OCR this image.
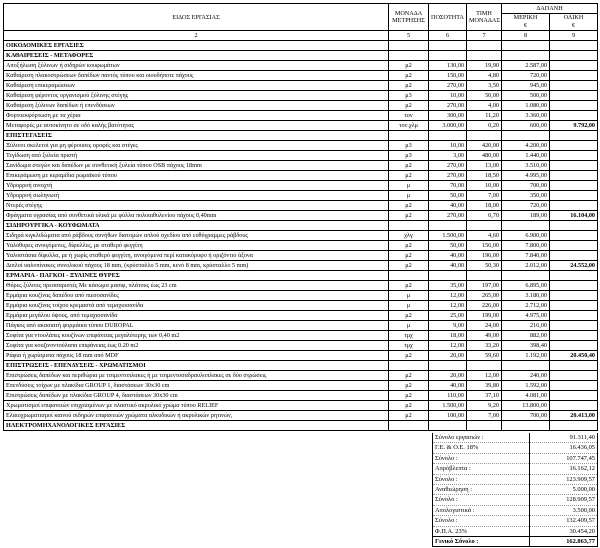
ΕΙΔΟΣ ΕΡΓΑΣΙΑΣ	ΜΟΝΑΔΑ ΜΕΤΡΗΣΗΣ	ΠΟΣΟΤΗΤΑ	ΤΙΜΗ ΜΟΝΑΔΑΣ	ΔΑΠΑΝΗ	
				ΜΕΡΙΚΗ
€	ΟΛΙΚΗ
€
2	5	6	7	8	9
ΟΙΚΟΔΟΜΙΚΕΣ ΕΡΓΑΣΙΕΣ					
ΚΑΘΑΙΡΕΣΕΙΣ - ΜΕΤΑΦΟΡΕΣ					
Αποξήλωση ξύλινων ή σιδηρών κουφωμάτων	μ2	130,00	19,90	2.587,00	
Καθαίρεση πλακοστρώσεων δαπέδων παντός τύπου και οιουδήποτε πάχους	μ2	150,00	4,80	720,00	
Καθαίρεση επικεραμώσεων	μ2	270,00	3,50	945,00	
Καθαίρεση φέροντος οργανισμού ξύλινης στέγης	μ3	10,00	50,00	500,00	
Καθαίρεση ξύλινων δαπέδων ή επενδύσεων	μ2	270,00	4,00	1.080,00	
Φορτοεκφόρτωση με τα χέρια	τον	300,00	11,20	3.360,00	
Μεταφορές με αυτοκίνητο σε οδό καλής βατότητας	τον.χλμ	3.000,00	0,20	600,00	9.792,00
ΕΠΙΣΤΕΓΑΣΕΙΣ					
Ξύλινοι σκελετοί για μη φέρουσες οροφές και στέγες	μ3	10,00	420,00	4.200,00	
Τεγίδωση από ξυλεία πριστή	μ3	3,00	480,00	1.440,00	
Σανίδωμα στεγών και δαπέδων με συνθετική ξυλεία τύπου OSB πάχους 18mm	μ2	270,00	13,00	3.510,00	
Επικεράμωση με κεραμίδια ρωμαϊκού τύπου	μ2	270,00	18,50	4.995,00	
Υδρορροή ανοιχτή	μ	70,00	10,00	700,00	
Υδρορροή σωληνωτή	μ	50,00	7,00	350,00	
Ντερές στέγης	μ2	40,00	18,00	720,00	
Φράγματα υγρασίας από συνθετικά υλικά με φύλλα πολυαιθυλενίου πάχους 0,40mm	μ2	270,00	0,70	189,00	16.104,00
ΣΙΔΗΡΟΥΡΓΙΚΑ - ΚΟΥΦΩΜΑΤΑ					
Σιδηρά κιγκλιδώματα από ράβδους συνήθων διατομών απλού σχεδίου από ευθύγραμμες ράβδους	χλγ	1.500,00	4,60	6.900,00	
Υαλόθυρες ανοιγόμενες, δίφυλλες, με σταθερό φεγγίτη	μ2	50,00	156,00	7.800,00	
Υαλοστάσια δίφυλλα, με ή χωρίς σταθερό φεγγίτη, ανοιγόμενα περί κατακόρυφο ή οριζόντιο άξονα	μ2	40,00	196,00	7.840,00	
Διπλοί υαλοπίνακες συνολικού πάχους 18 mm, (κρύσταλλο 5 mm, κενό 8 mm, κρύσταλλο 5 mm)	μ2	40,00	50,30	2.012,00	24.552,00
ΕΡΜΑΡΙΑ - ΠΑΓΚΟΙ - ΞΥΛΙΝΕΣ ΘΥΡΕΣ					
Θύρες ξύλινες πρεσσαριστές Με κάσωμα μασιφ, πλάτους έως 23 cm	μ2	35,00	197,00	6.895,00	
Ερμάρια κουζίνας δαπέδου από πιεσοσανίδες	μ	12,00	265,00	3.180,00	
Ερμάρια κουζίνας τοίχου κρεμαστά από τεμαχιοσανίδα	μ	12,00	226,00	2.712,00	
Ερμάρια μεγάλου ύψους, από τεμαχιοσανίδα	μ2	25,00	199,00	4.975,00	
Πάγκος από ακασιατή φορμάικα τύπου DUROPAL	μ	9,00	24,00	216,00	
Σοφίτα για ντουλάπες κουζίνων επιφάνειας μεγαλύτερης των 0,40 m2	τμχ	18,00	49,00	882,00	
Σοφίτα για κουζινοντούλαπα επιφάνειας έως 0.20 m2	τμχ	12,00	33,20	398,40	
Ράφια ή χωρίσματα πάχους 18 mm από MDF	μ2	20,00	59,60	1.192,00	20.450,40
ΕΠΙΣΤΡΩΣΕΙΣ - ΕΠΕΝΔΥΣΕΙΣ - ΧΡΩΜΑΤΙΣΜΟΙ					
Επιστρώσεις δαπέδων και περιθώρια με τσιμεντοπλακες ή με τσιμεντοσαδραυλοπλακες σε δύο στρώσεις	μ2	20,00	12,00	240,00	
Επενδύσεις τοίχων με πλακίδια GROUP 1, διαστάσεων 30x30 cm	μ2	40,00	39,80	1.592,00	
Επιστρώσεις δαπέδων με πλακίδια GROUP 4, διαστάσεων 30x30 cm	μ2	110,00	37,10	4.081,00	
Χρωματισμοί επιφανειών επιχρισμένων με πλαστικό ακρυλικό χρώμα τύπου RELIEF	μ2	1.500,00	9,20	13.800,00	
Ελαιοχρωματισμοί καινού σιδηρών επιφανειών χρώματα αλκυδικών ή ακρυλικών ρητινών,	μ2	100,00	7,00	700,00	20.413,00
ΗΛΕΚΤΡΟΜΗΧΑΝΟΛΟΓΙΚΕΣ ΕΡΓΑΣΙΕΣ					
Σύνολο εργασιών :	91.311,40
Γ.Ε. & Ο.Ε. 18%	16.436,05
Σύνολο :	107.747,45
Απρόβλεπτα :	16.162,12
Σύνολο :	123.909,57
Αναθεώρηση :	5.000,00
Σύνολο :	128.909,57
Απολογιστικά :	3.500,00
Σύνολο :	132.409,57
Φ.Π.Α. 23%	30.454,20
Γενικό Σύνολο :	162.863,77
